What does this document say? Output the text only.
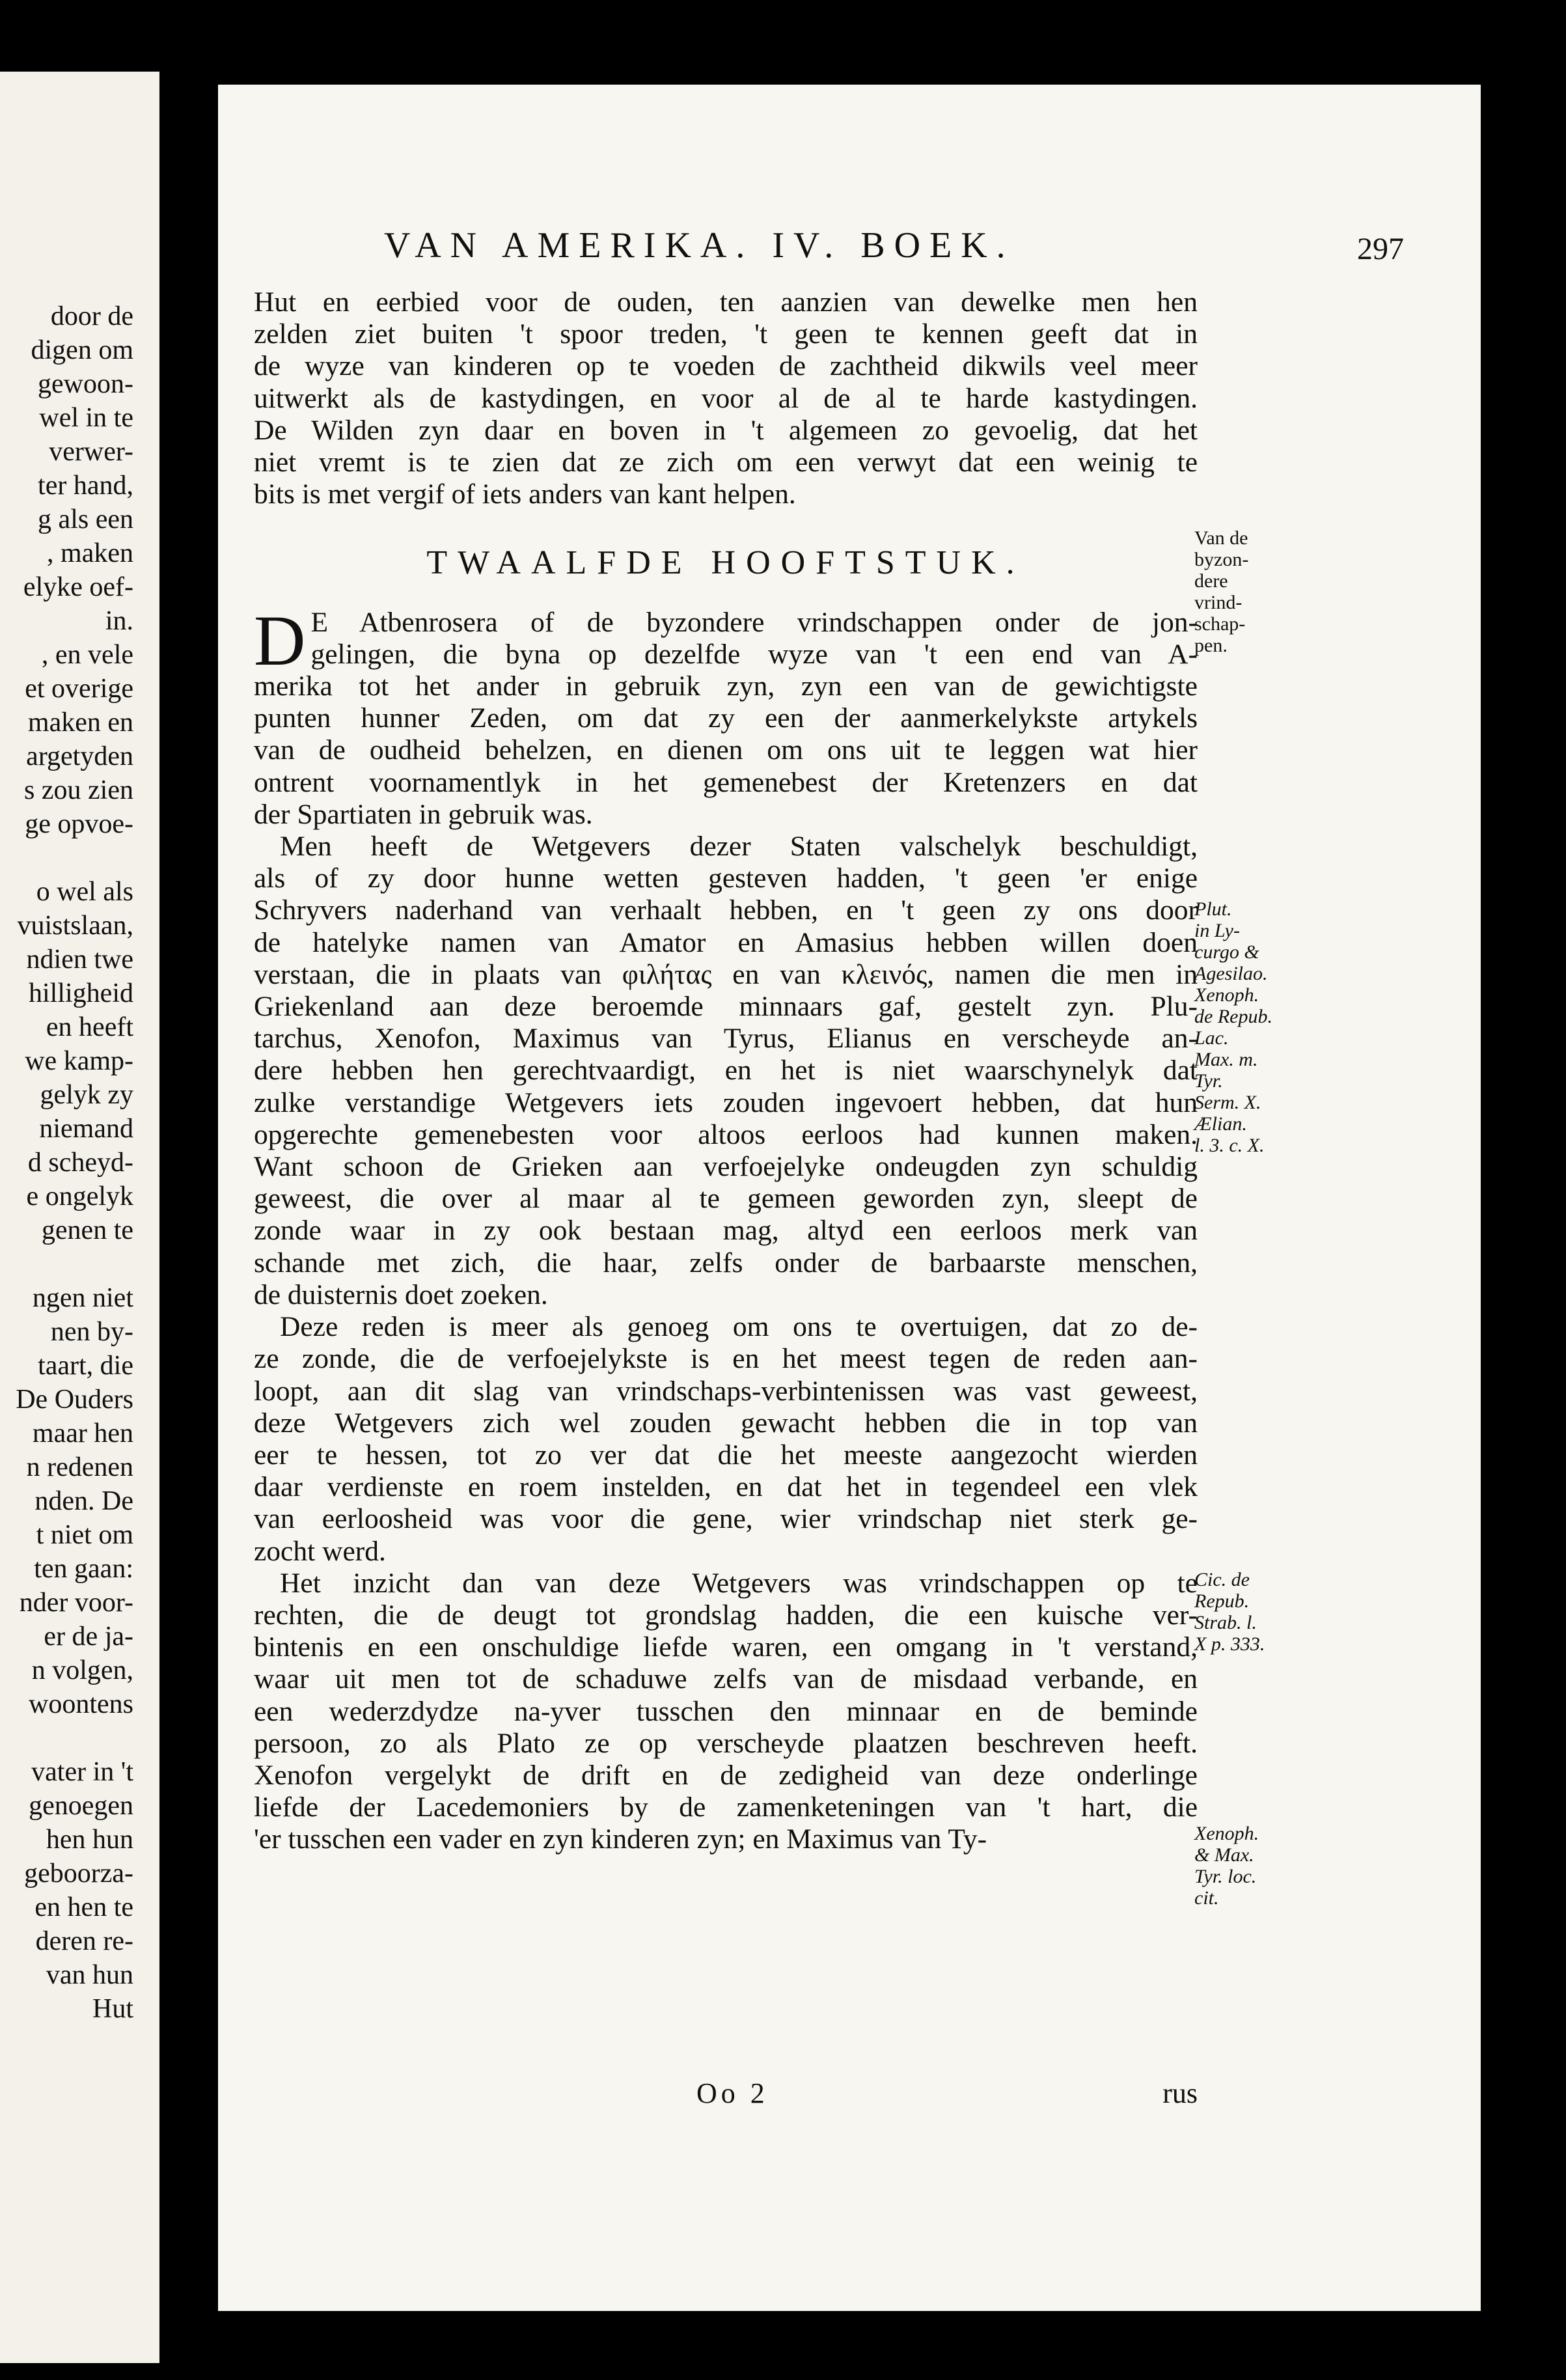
door de
digen om
gewoon-
wel in te
verwer-
ter hand,
g als een
, maken
elyke oef-
in.
, en vele
et overige
maken en
argetyden
s zou zien
ge opvoe-
o wel als
vuistslaan,
ndien twe
hilligheid
en heeft
we kamp-
gelyk zy
niemand
d scheyd-
e ongelyk
genen te
ngen niet
nen by-
taart, die
De Ouders
maar hen
n redenen
nden. De
t niet om
ten gaan:
nder voor-
er de ja-
n volgen,
woontens
vater in 't
genoegen
hen hun
geboorza-
en hen te
deren re-
van hun
Hut
VAN AMERIKA. IV. BOEK.	297
Hut en eerbied voor de ouden, ten aanzien van dewelke men hen
zelden ziet buiten 't spoor treden, 't geen te kennen geeft dat in
de wyze van kinderen op te voeden de zachtheid dikwils veel meer
uitwerkt als de kastydingen, en voor al de al te harde kastydingen.
De Wilden zyn daar en boven in 't algemeen zo gevoelig, dat het
niet vremt is te zien dat ze zich om een verwyt dat een weinig te
bits is met vergif of iets anders van kant helpen.
TWAALFDE HOOFTSTUK.
D E Atbenrosera of de byzondere vrindschappen onder de jon-
gelingen, die byna op dezelfde wyze van 't een end van A-
merika tot het ander in gebruik zyn, zyn een van de gewichtigste
punten hunner Zeden, om dat zy een der aanmerkelykste artykels
van de oudheid behelzen, en dienen om ons uit te leggen wat hier
ontrent voornamentlyk in het gemenebest der Kretenzers en dat
der Spartiaten in gebruik was.
Men heeft de Wetgevers dezer Staten valschelyk beschuldigt,
als of zy door hunne wetten gesteven hadden, 't geen 'er enige
Schryvers naderhand van verhaalt hebben, en 't geen zy ons door
de hatelyke namen van Amator en Amasius hebben willen doen
verstaan, die in plaats van φιλήτας en van κλεινός, namen die men in
Griekenland aan deze beroemde minnaars gaf, gestelt zyn. Plu-
tarchus, Xenofon, Maximus van Tyrus, Elianus en verscheyde an-
dere hebben hen gerechtvaardigt, en het is niet waarschynelyk dat
zulke verstandige Wetgevers iets zouden ingevoert hebben, dat hun
opgerechte gemenebesten voor altoos eerloos had kunnen maken.
Want schoon de Grieken aan verfoejelyke ondeugden zyn schuldig
geweest, die over al maar al te gemeen geworden zyn, sleept de
zonde waar in zy ook bestaan mag, altyd een eerloos merk van
schande met zich, die haar, zelfs onder de barbaarste menschen,
de duisternis doet zoeken.
Deze reden is meer als genoeg om ons te overtuigen, dat zo de-
ze zonde, die de verfoejelykste is en het meest tegen de reden aan-
loopt, aan dit slag van vrindschaps-verbintenissen was vast geweest,
deze Wetgevers zich wel zouden gewacht hebben die in top van
eer te hessen, tot zo ver dat die het meeste aangezocht wierden
daar verdienste en roem instelden, en dat het in tegendeel een vlek
van eerloosheid was voor die gene, wier vrindschap niet sterk ge-
zocht werd.
Het inzicht dan van deze Wetgevers was vrindschappen op te
rechten, die de deugt tot grondslag hadden, die een kuische ver-
bintenis en een onschuldige liefde waren, een omgang in 't verstand,
waar uit men tot de schaduwe zelfs van de misdaad verbande, en
een wederzdydze na-yver tusschen den minnaar en de beminde
persoon, zo als Plato ze op verscheyde plaatzen beschreven heeft.
Xenofon vergelykt de drift en de zedigheid van deze onderlinge
liefde der Lacedemoniers by de zamenketeningen van 't hart, die
'er tusschen een vader en zyn kinderen zyn; en Maximus van Ty-
Van de
byzon-
dere
vrind-
schap-
pen.
Plut.
in Ly-
curgo &
Agesilao.
Xenoph.
de Repub.
Lac.
Max. m.
Tyr.
Serm. X.
Ælian.
l. 3. c. X.
Cic. de
Repub.
Strab. l.
X p. 333.
Xenoph.
& Max.
Tyr. loc.
cit.
Oo 2	rus
